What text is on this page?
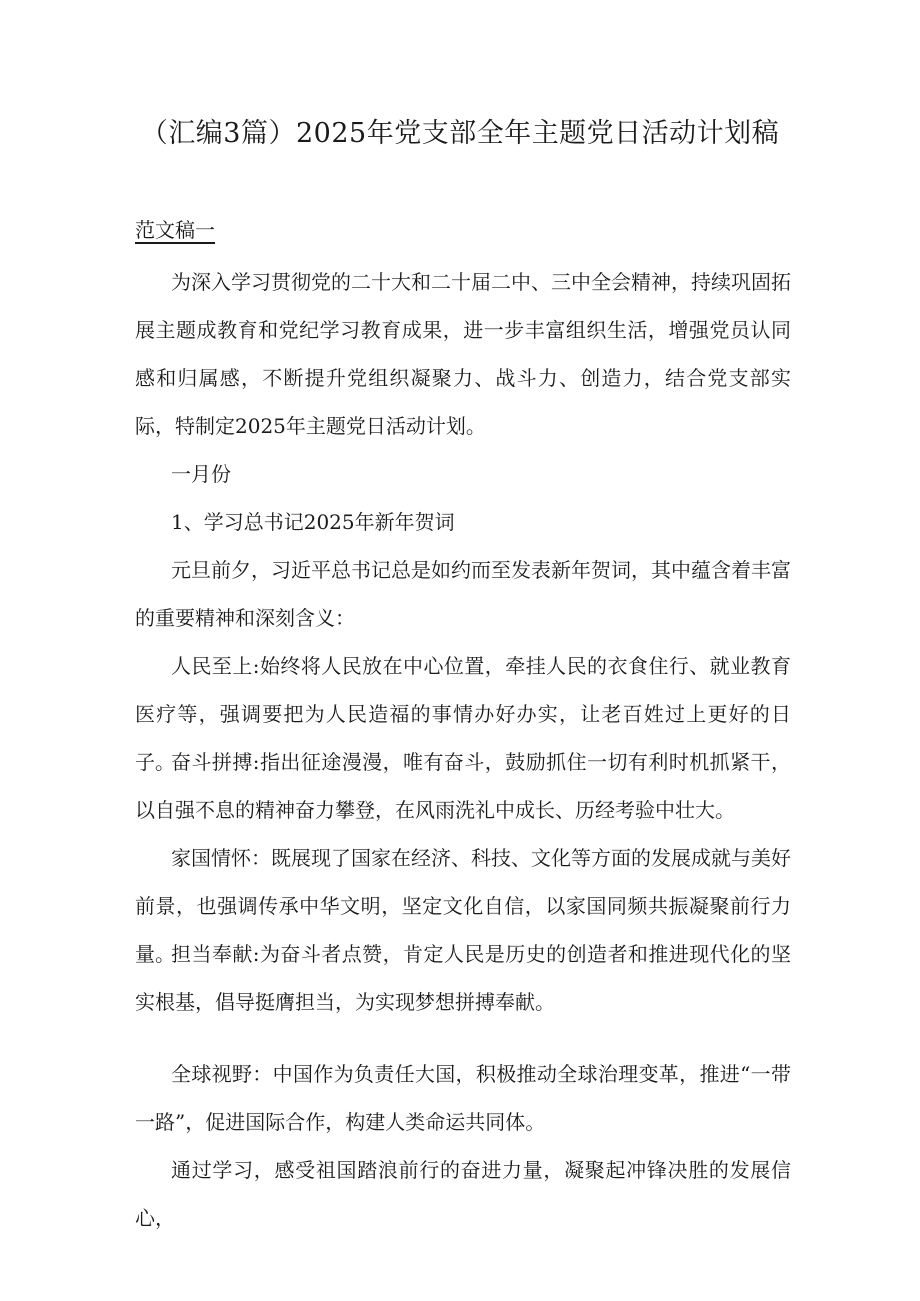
（汇编3篇）2025年党支部全年主题党日活动计划稿
范文稿一

为深入学习贯彻党的二十大和二十届二中、三中全会精神，持续巩固拓展主题成教育和党纪学习教育成果，进一步丰富组织生活，增强党员认同感和归属感，不断提升党组织凝聚力、战斗力、创造力，结合党支部实际，特制定2025年主题党日活动计划。

一月份

1、学习总书记2025年新年贺词

元旦前夕，习近平总书记总是如约而至发表新年贺词，其中蕴含着丰富的重要精神和深刻含义：

人民至上:始终将人民放在中心位置，牵挂人民的衣食住行、就业教育医疗等，强调要把为人民造福的事情办好办实，让老百姓过上更好的日子。

奋斗拼搏:指出征途漫漫，唯有奋斗，鼓励抓住一切有利时机抓紧干，以自强不息的精神奋力攀登，在风雨洗礼中成长、历经考验中壮大。

家国情怀：既展现了国家在经济、科技、文化等方面的发展成就与美好前景，也强调传承中华文明，坚定文化自信，以家国同频共振凝聚前行力量。

担当奉献:为奋斗者点赞，肯定人民是历史的创造者和推进现代化的坚实根基，倡导挺膺担当，为实现梦想拼搏奉献。

全球视野：中国作为负责任大国，积极推动全球治理变革，推进“一带一路”，促进国际合作，构建人类命运共同体。

通过学习，感受祖国踏浪前行的奋进力量，凝聚起冲锋决胜的发展信心，
